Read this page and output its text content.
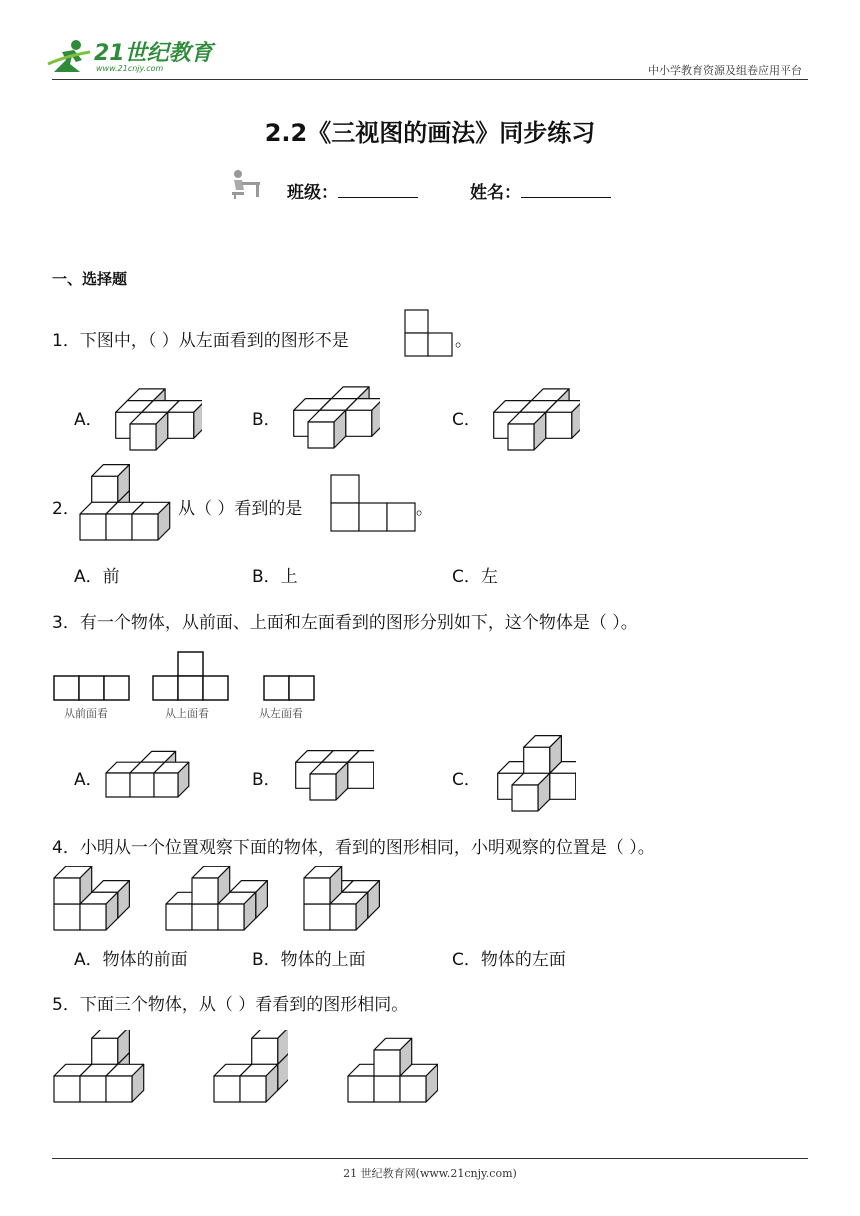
21世纪教育
www.21cnjy.com	中小学教育资源及组卷应用平台
2.2《三视图的画法》同步练习
班级：	姓名：
一、选择题
1．下图中，（ ）从左面看到的图形不是	。
A．	B．	C．
2．	从（ ）看到的是	。
A．前	B．上	C．左
3．有一个物体，从前面、上面和左面看到的图形分别如下，这个物体是（ ）。
从前面看	从上面看	从左面看
A．	B．	C．
4．小明从一个位置观察下面的物体，看到的图形相同，小明观察的位置是（ ）。
A．物体的前面	B．物体的上面	C．物体的左面
5．下面三个物体，从（ ）看看到的图形相同。
21 世纪教育网(www.21cnjy.com)
